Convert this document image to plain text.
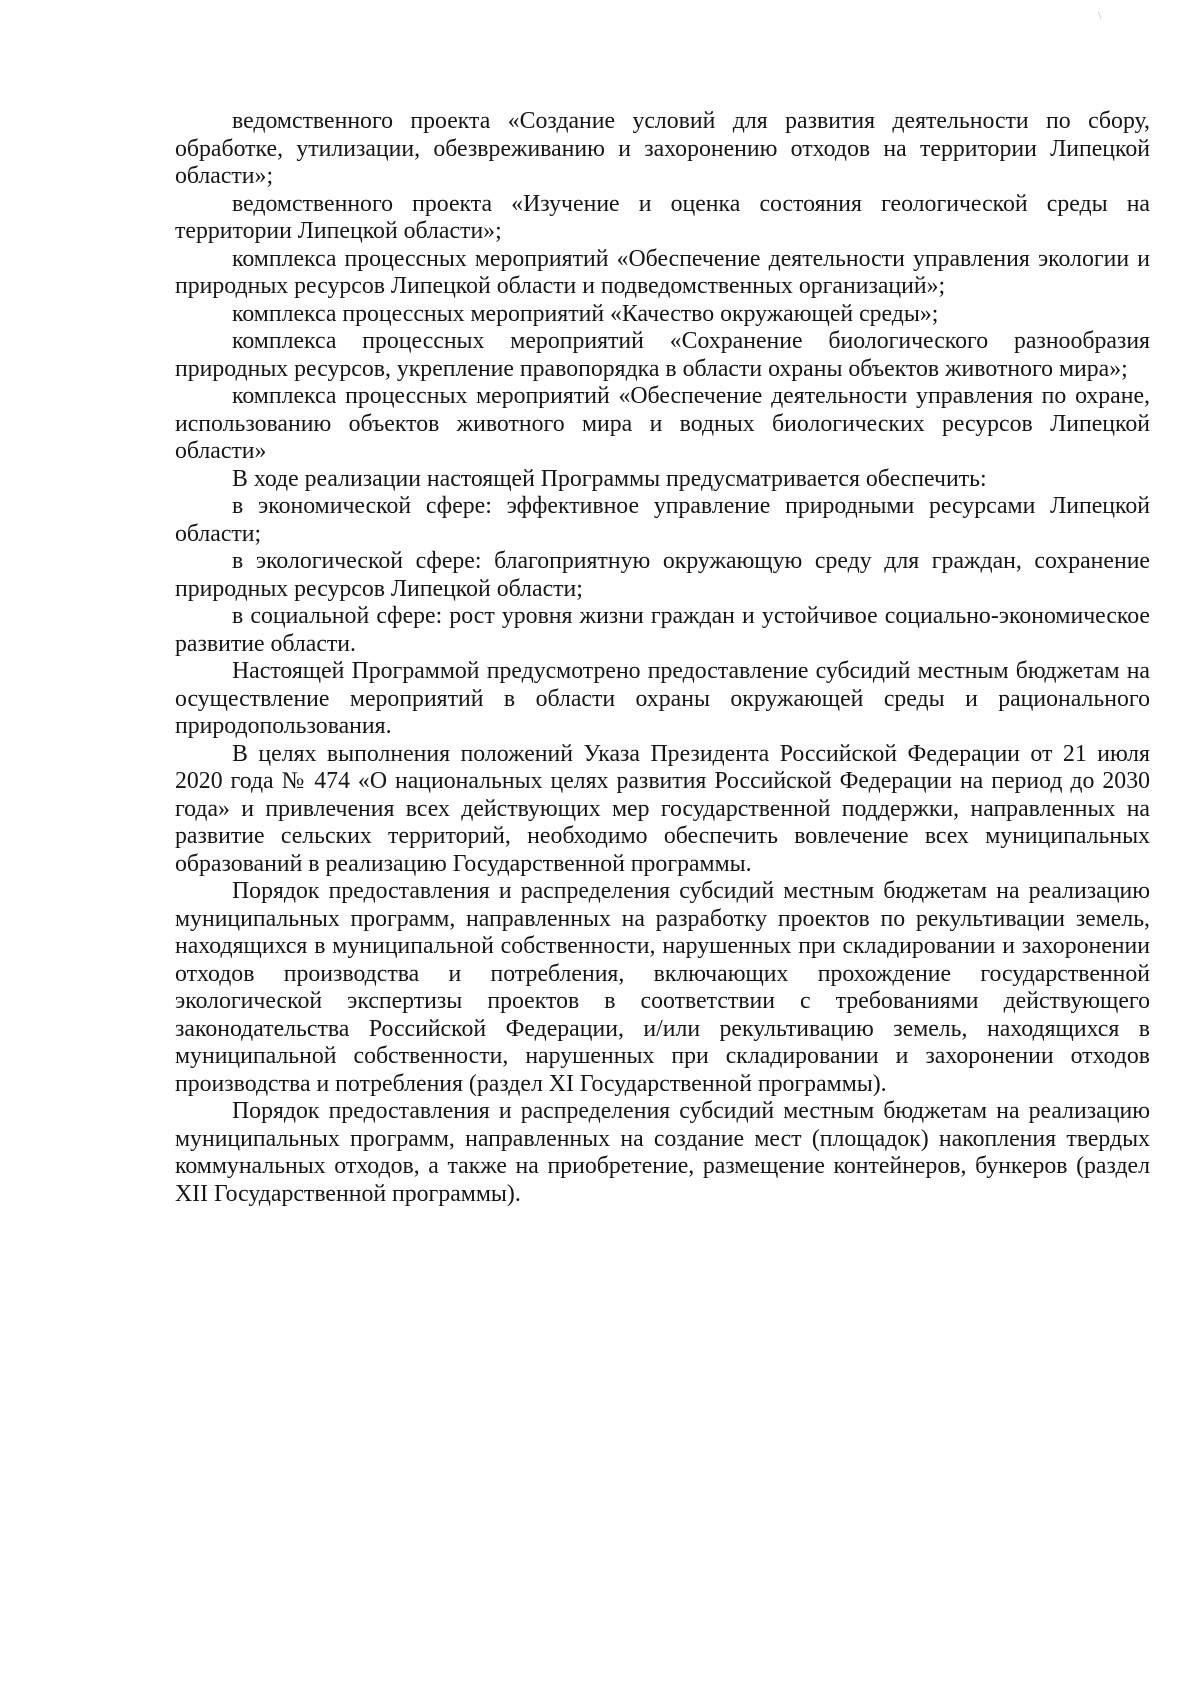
\

ведомственного проекта «Создание условий для развития деятельности по сбору, обработке, утилизации, обезвреживанию и захоронению отходов на территории Липецкой области»;

ведомственного проекта «Изучение и оценка состояния геологической среды на территории Липецкой области»;

комплекса процессных мероприятий «Обеспечение деятельности управления экологии и природных ресурсов Липецкой области и подведомственных организаций»;

комплекса процессных мероприятий «Качество окружающей среды»;

комплекса процессных мероприятий «Сохранение биологического разнообразия природных ресурсов, укрепление правопорядка в области охраны объектов животного мира»;

комплекса процессных мероприятий «Обеспечение деятельности управления по охране, использованию объектов животного мира и водных биологических ресурсов Липецкой области»

В ходе реализации настоящей Программы предусматривается обеспечить:

в экономической сфере: эффективное управление природными ресурсами Липецкой области;

в экологической сфере: благоприятную окружающую среду для граждан, сохранение природных ресурсов Липецкой области;

в социальной сфере: рост уровня жизни граждан и устойчивое социально-экономическое развитие области.

Настоящей Программой предусмотрено предоставление субсидий местным бюджетам на осуществление мероприятий в области охраны окружающей среды и рационального природопользования.

В целях выполнения положений Указа Президента Российской Федерации от 21 июля 2020 года № 474 «О национальных целях развития Российской Федерации на период до 2030 года» и привлечения всех действующих мер государственной поддержки, направленных на развитие сельских территорий, необходимо обеспечить вовлечение всех муниципальных образований в реализацию Государственной программы.

Порядок предоставления и распределения субсидий местным бюджетам на реализацию муниципальных программ, направленных на разработку проектов по рекультивации земель, находящихся в муниципальной собственности, нарушенных при складировании и захоронении отходов производства и потребления, включающих прохождение государственной экологической экспертизы проектов в соответствии с требованиями действующего законодательства Российской Федерации, и/или рекультивацию земель, находящихся в муниципальной собственности, нарушенных при складировании и захоронении отходов производства и потребления (раздел XI Государственной программы).

Порядок предоставления и распределения субсидий местным бюджетам на реализацию муниципальных программ, направленных на создание мест (площадок) накопления твердых коммунальных отходов, а также на приобретение, размещение контейнеров, бункеров (раздел XII Государственной программы).
